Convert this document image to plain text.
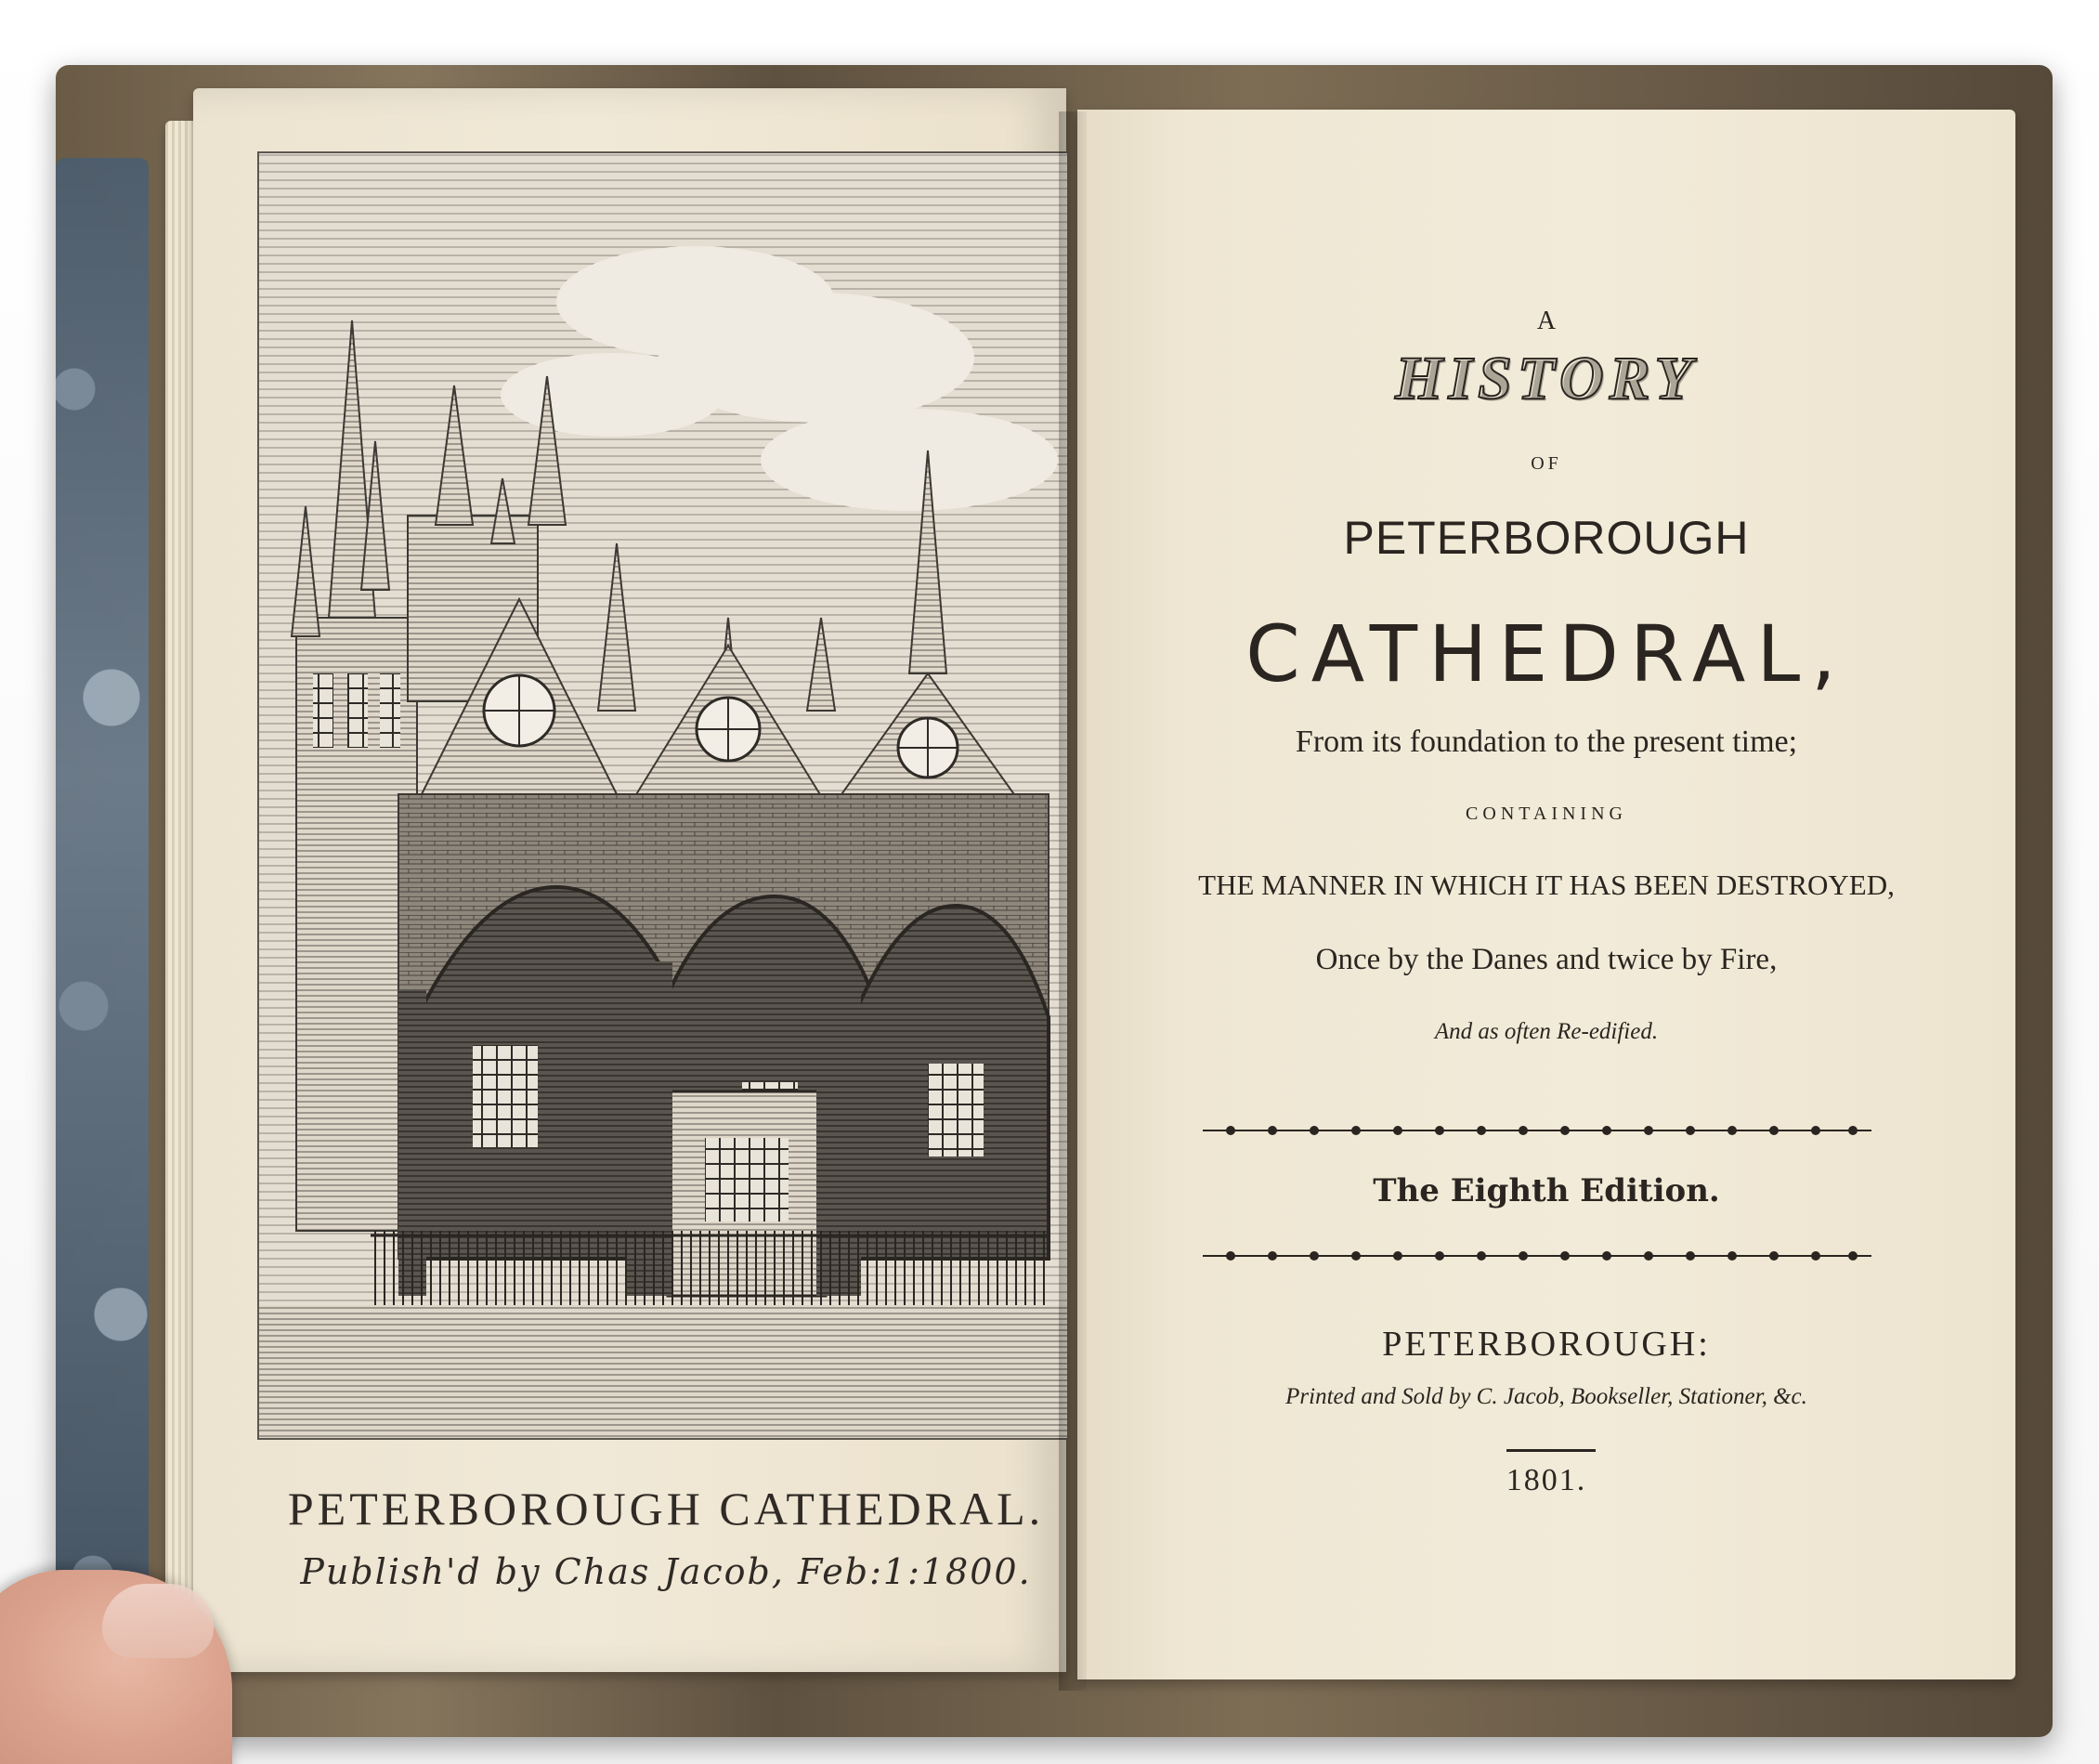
PETERBOROUGH CATHEDRAL.
Publish'd by Chas Jacob, Feb:1:1800.
A
HISTORY
OF
PETERBOROUGH
CATHEDRAL,
From its foundation to the present time;
CONTAINING
THE MANNER IN WHICH IT HAS BEEN DESTROYED,
Once by the Danes and twice by Fire,
And as often Re-edified.
The Eighth Edition.
PETERBOROUGH:
Printed and Sold by C. Jacob, Bookseller, Stationer, &c.
1801.
